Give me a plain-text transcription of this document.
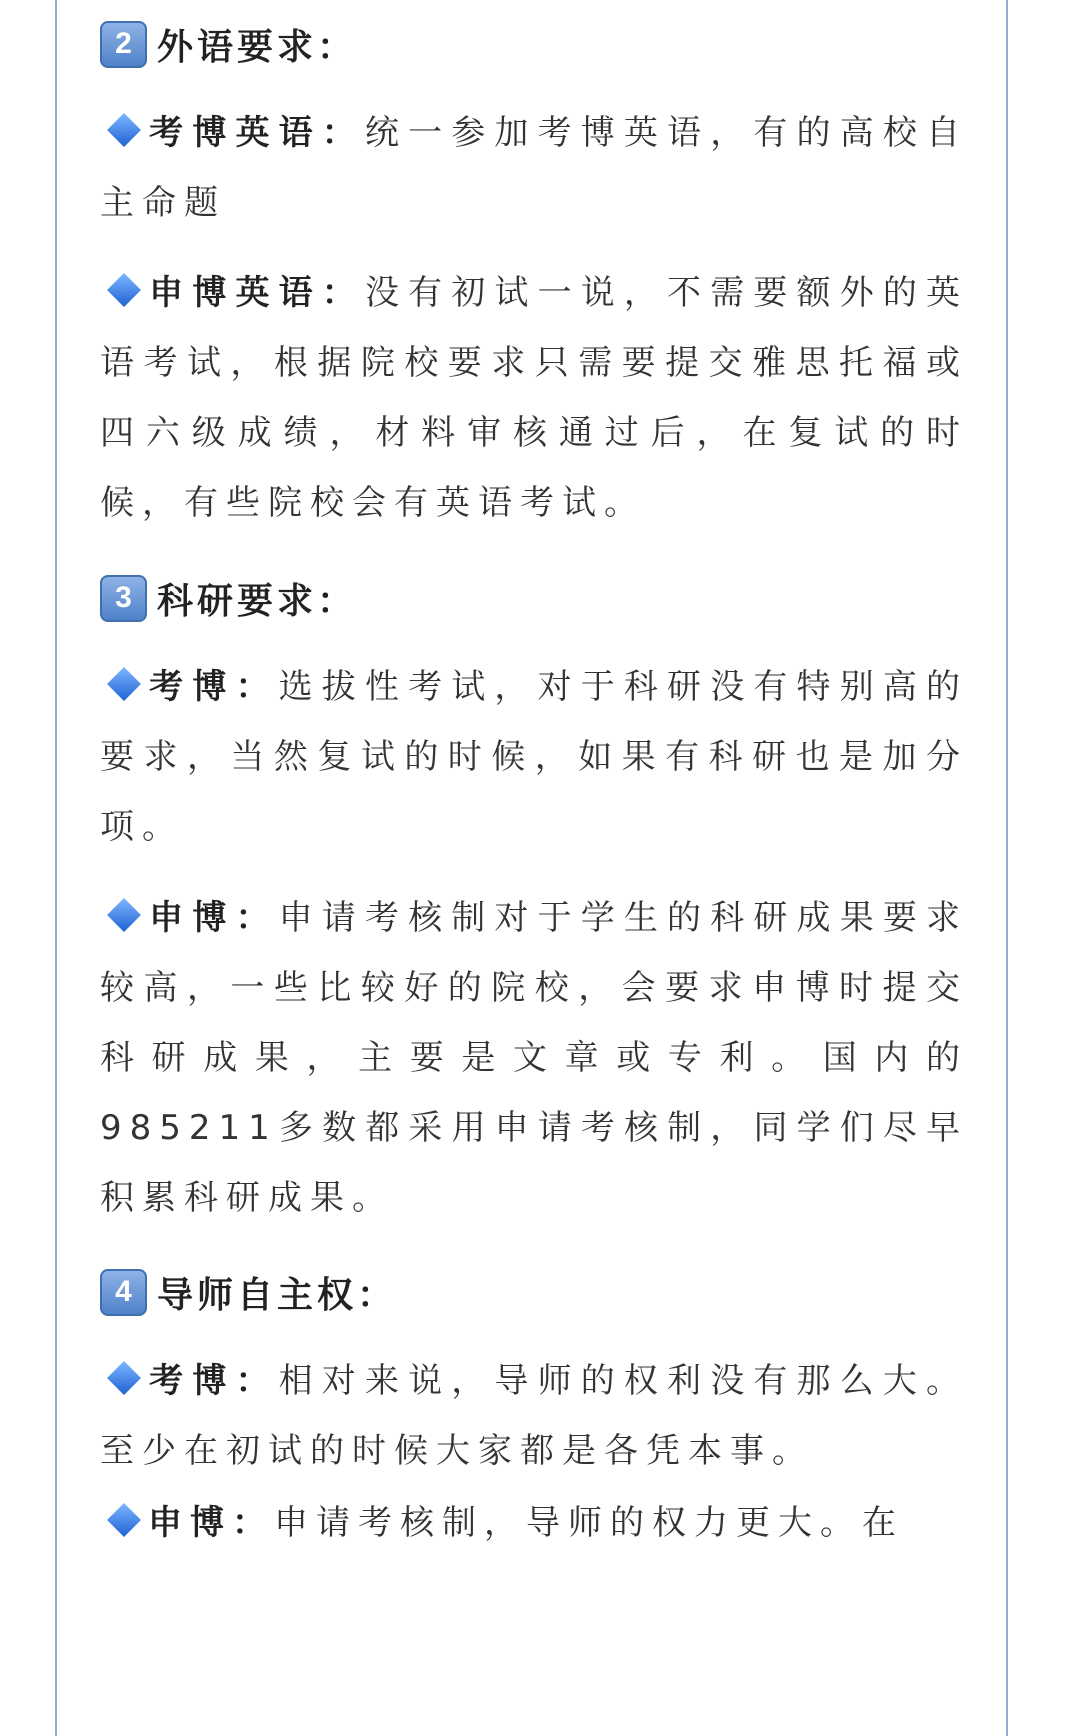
2 外语要求：

考博英语：统一参加考博英语，有的高校自主命题

申博英语：没有初试一说，不需要额外的英语考试，根据院校要求只需要提交雅思托福或四六级成绩，材料审核通过后，在复试的时候，有些院校会有英语考试。

3 科研要求：

考博：选拔性考试，对于科研没有特别高的要求，当然复试的时候，如果有科研也是加分项。

申博：申请考核制对于学生的科研成果要求较高，一些比较好的院校，会要求申博时提交科研成果，主要是文章或专利。国内的985211多数都采用申请考核制，同学们尽早积累科研成果。

4 导师自主权：

考博：相对来说，导师的权利没有那么大。至少在初试的时候大家都是各凭本事。

申博：申请考核制，导师的权力更大。在
